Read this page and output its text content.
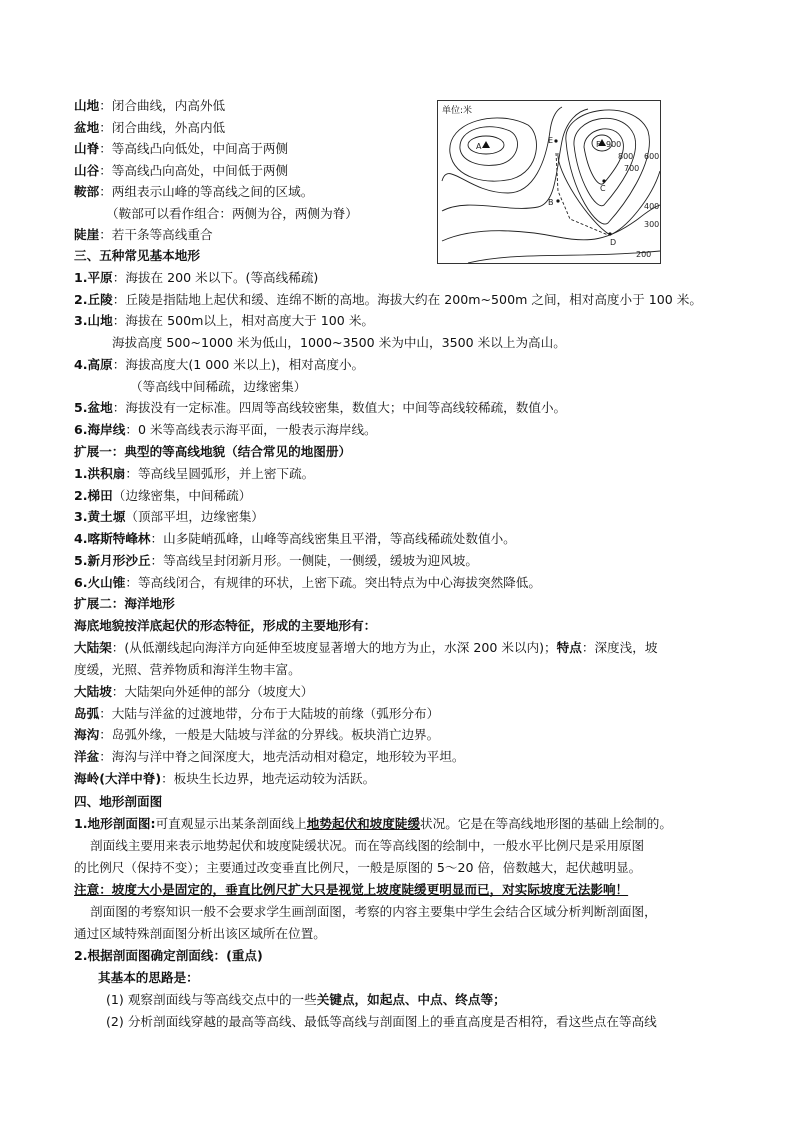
山地：闭合曲线，内高外低
盆地：闭合曲线，外高内低
山脊：等高线凸向低处，中间高于两侧
山谷：等高线凸向高处，中间低于两侧
鞍部：两组表示山峰的等高线之间的区域。
（鞍部可以看作组合：两侧为谷，两侧为脊）
陡崖：若干条等高线重合
单位:米
A
B
C
D
E	F 900
800
700
600
400
300
200
三、五种常见基本地形
1.平原：海拔在 200 米以下。(等高线稀疏)
2.丘陵：丘陵是指陆地上起伏和缓、连绵不断的高地。海拔大约在 200m~500m 之间，相对高度小于 100 米。
3.山地：海拔在 500m以上，相对高度大于 100 米。
海拔高度 500~1000 米为低山，1000~3500 米为中山，3500 米以上为高山。
4.高原：海拔高度大(1 000 米以上)，相对高度小。
（等高线中间稀疏，边缘密集）
5.盆地：海拔没有一定标准。四周等高线较密集，数值大；中间等高线较稀疏，数值小。
6.海岸线：0 米等高线表示海平面，一般表示海岸线。
扩展一：典型的等高线地貌（结合常见的地图册）
1.洪积扇：等高线呈圆弧形，并上密下疏。
2.梯田（边缘密集，中间稀疏）
3.黄土塬（顶部平坦，边缘密集）
4.喀斯特峰林：山多陡峭孤峰，山峰等高线密集且平滑，等高线稀疏处数值小。
5.新月形沙丘：等高线呈封闭新月形。一侧陡，一侧缓，缓坡为迎风坡。
6.火山锥：等高线闭合，有规律的环状，上密下疏。突出特点为中心海拔突然降低。
扩展二：海洋地形
海底地貌按洋底起伏的形态特征，形成的主要地形有：
大陆架：(从低潮线起向海洋方向延伸至坡度显著增大的地方为止，水深 200 米以内)；特点：深度浅，坡
度缓，光照、营养物质和海洋生物丰富。
大陆坡：大陆架向外延伸的部分（坡度大）
岛弧：大陆与洋盆的过渡地带，分布于大陆坡的前缘（弧形分布）
海沟：岛弧外缘，一般是大陆坡与洋盆的分界线。板块消亡边界。
洋盆：海沟与洋中脊之间深度大，地壳活动相对稳定，地形较为平坦。
海岭(大洋中脊)：板块生长边界，地壳运动较为活跃。
四、地形剖面图
1.地形剖面图:可直观显示出某条剖面线上地势起伏和坡度陡缓状况。它是在等高线地形图的基础上绘制的。
剖面线主要用来表示地势起伏和坡度陡缓状况。而在等高线图的绘制中，一般水平比例尺是采用原图
的比例尺（保持不变）；主要通过改变垂直比例尺，一般是原图的 5～20 倍，倍数越大，起伏越明显。
注意：坡度大小是固定的，垂直比例尺扩大只是视觉上坡度陡缓更明显而已，对实际坡度无法影响！
剖面图的考察知识一般不会要求学生画剖面图，考察的内容主要集中学生会结合区域分析判断剖面图，
通过区域特殊剖面图分析出该区域所在位置。
2.根据剖面图确定剖面线：(重点)
其基本的思路是：
(1) 观察剖面线与等高线交点中的一些关键点，如起点、中点、终点等；
(2) 分析剖面线穿越的最高等高线、最低等高线与剖面图上的垂直高度是否相符，看这些点在等高线
